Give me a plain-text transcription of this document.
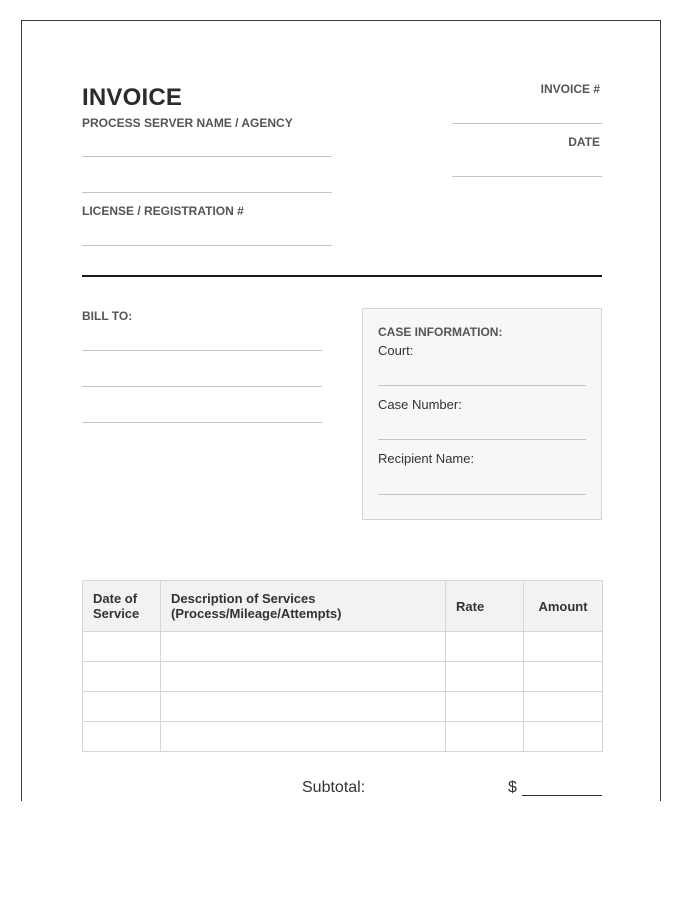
INVOICE
PROCESS SERVER NAME / AGENCY
LICENSE / REGISTRATION #
INVOICE #
DATE
BILL TO:
CASE INFORMATION:
Court:
Case Number:
Recipient Name:
Date of Service	Description of Services (Process/Mileage/Attempts)	Rate	Amount

Subtotal:	$
